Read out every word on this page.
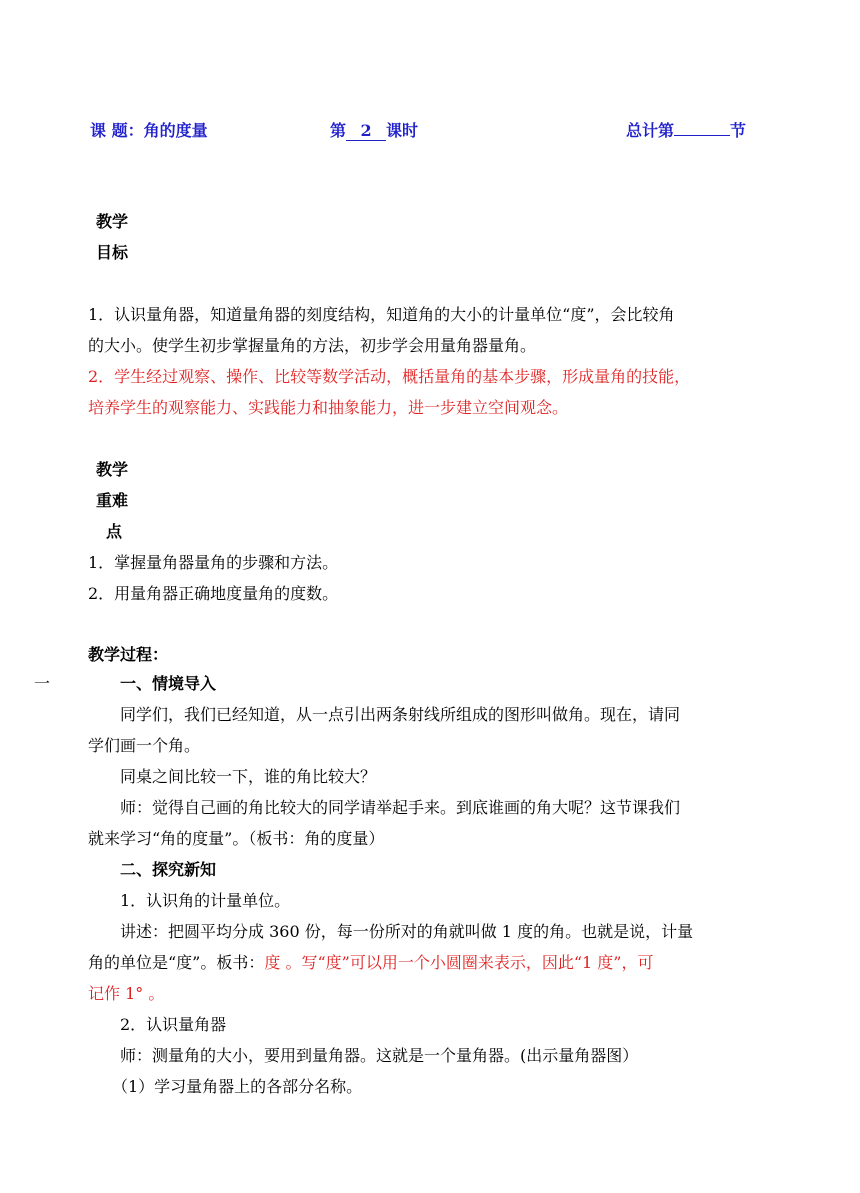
课 题：角的度量	第 2 课时	总计第	节
教学
目标
1．认识量角器，知道量角器的刻度结构，知道角的大小的计量单位“度”，会比较角
的大小。使学生初步掌握量角的方法，初步学会用量角器量角。
2．学生经过观察、操作、比较等数学活动，概括量角的基本步骤，形成量角的技能，
培养学生的观察能力、实践能力和抽象能力，进一步建立空间观念。
教学
重难
点
1．掌握量角器量角的步骤和方法。
2．用量角器正确地度量角的度数。
教学过程：
一	一、情境导入
同学们，我们已经知道，从一点引出两条射线所组成的图形叫做角。现在，请同
学们画一个角。
同桌之间比较一下，谁的角比较大？
师：觉得自己画的角比较大的同学请举起手来。到底谁画的角大呢？这节课我们
就来学习“角的度量”。（板书：角的度量）
二、探究新知
1．认识角的计量单位。
讲述：把圆平均分成 360 份，每一份所对的角就叫做 1 度的角。也就是说，计量
角的单位是“度”。板书：度 。写“度”可以用一个小圆圈来表示，因此“1 度”，可
记作 1° 。
2．认识量角器
师：测量角的大小，要用到量角器。这就是一个量角器。(出示量角器图）
（1）学习量角器上的各部分名称。
